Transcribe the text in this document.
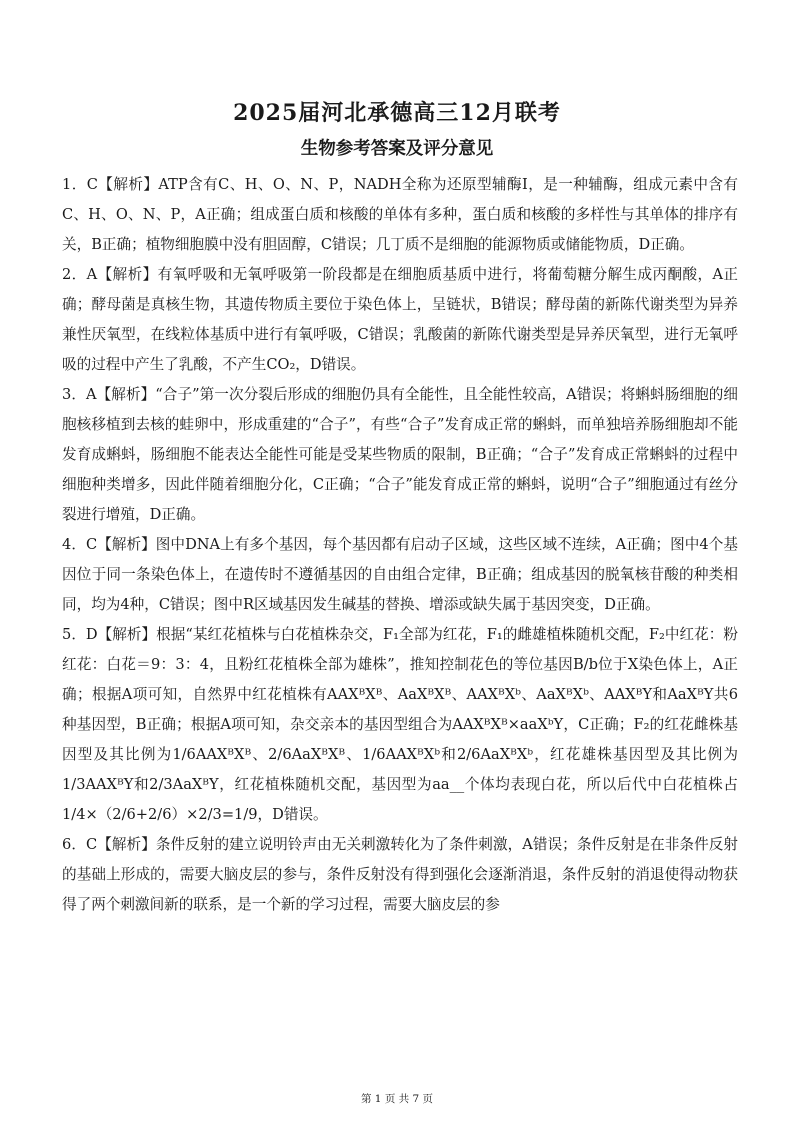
2025届河北承德高三12月联考
生物参考答案及评分意见

1．C【解析】ATP含有C、H、O、N、P，NADH全称为还原型辅酶Ⅰ，是一种辅酶，组成元素中含有C、H、O、N、P，A正确；组成蛋白质和核酸的单体有多种，蛋白质和核酸的多样性与其单体的排序有关，B正确；植物细胞膜中没有胆固醇，C错误；几丁质不是细胞的能源物质或储能物质，D正确。

2．A【解析】有氧呼吸和无氧呼吸第一阶段都是在细胞质基质中进行，将葡萄糖分解生成丙酮酸，A正确；酵母菌是真核生物，其遗传物质主要位于染色体上，呈链状，B错误；酵母菌的新陈代谢类型为异养兼性厌氧型，在线粒体基质中进行有氧呼吸，C错误；乳酸菌的新陈代谢类型是异养厌氧型，进行无氧呼吸的过程中产生了乳酸，不产生CO₂，D错误。

3．A【解析】“合子”第一次分裂后形成的细胞仍具有全能性，且全能性较高，A错误；将蝌蚪肠细胞的细胞核移植到去核的蛙卵中，形成重建的“合子”，有些“合子”发育成正常的蝌蚪，而单独培养肠细胞却不能发育成蝌蚪，肠细胞不能表达全能性可能是受某些物质的限制，B正确；“合子”发育成正常蝌蚪的过程中细胞种类增多，因此伴随着细胞分化，C正确；“合子”能发育成正常的蝌蚪，说明“合子”细胞通过有丝分裂进行增殖，D正确。

4．C【解析】图中DNA上有多个基因，每个基因都有启动子区域，这些区域不连续，A正确；图中4个基因位于同一条染色体上，在遗传时不遵循基因的自由组合定律，B正确；组成基因的脱氧核苷酸的种类相同，均为4种，C错误；图中R区域基因发生碱基的替换、增添或缺失属于基因突变，D正确。

5．D【解析】根据“某红花植株与白花植株杂交，F₁全部为红花，F₁的雌雄植株随机交配，F₂中红花：粉红花：白花＝9：3：4，且粉红花植株全部为雄株”，推知控制花色的等位基因B/b位于X染色体上，A正确；根据A项可知，自然界中红花植株有AAXᴮXᴮ、AaXᴮXᴮ、AAXᴮXᵇ、AaXᴮXᵇ、AAXᴮY和AaXᴮY共6种基因型，B正确；根据A项可知，杂交亲本的基因型组合为AAXᴮXᴮ×aaXᵇY，C正确；F₂的红花雌株基因型及其比例为1/6AAXᴮXᴮ、2/6AaXᴮXᴮ、1/6AAXᴮXᵇ和2/6AaXᴮXᵇ，红花雄株基因型及其比例为1/3AAXᴮY和2/3AaXᴮY，红花植株随机交配，基因型为aa__个体均表现白花，所以后代中白花植株占1/4×（2/6+2/6）×2/3=1/9，D错误。

6．C【解析】条件反射的建立说明铃声由无关刺激转化为了条件刺激，A错误；条件反射是在非条件反射的基础上形成的，需要大脑皮层的参与，条件反射没有得到强化会逐渐消退，条件反射的消退使得动物获得了两个刺激间新的联系，是一个新的学习过程，需要大脑皮层的参

第 1 页 共 7 页
